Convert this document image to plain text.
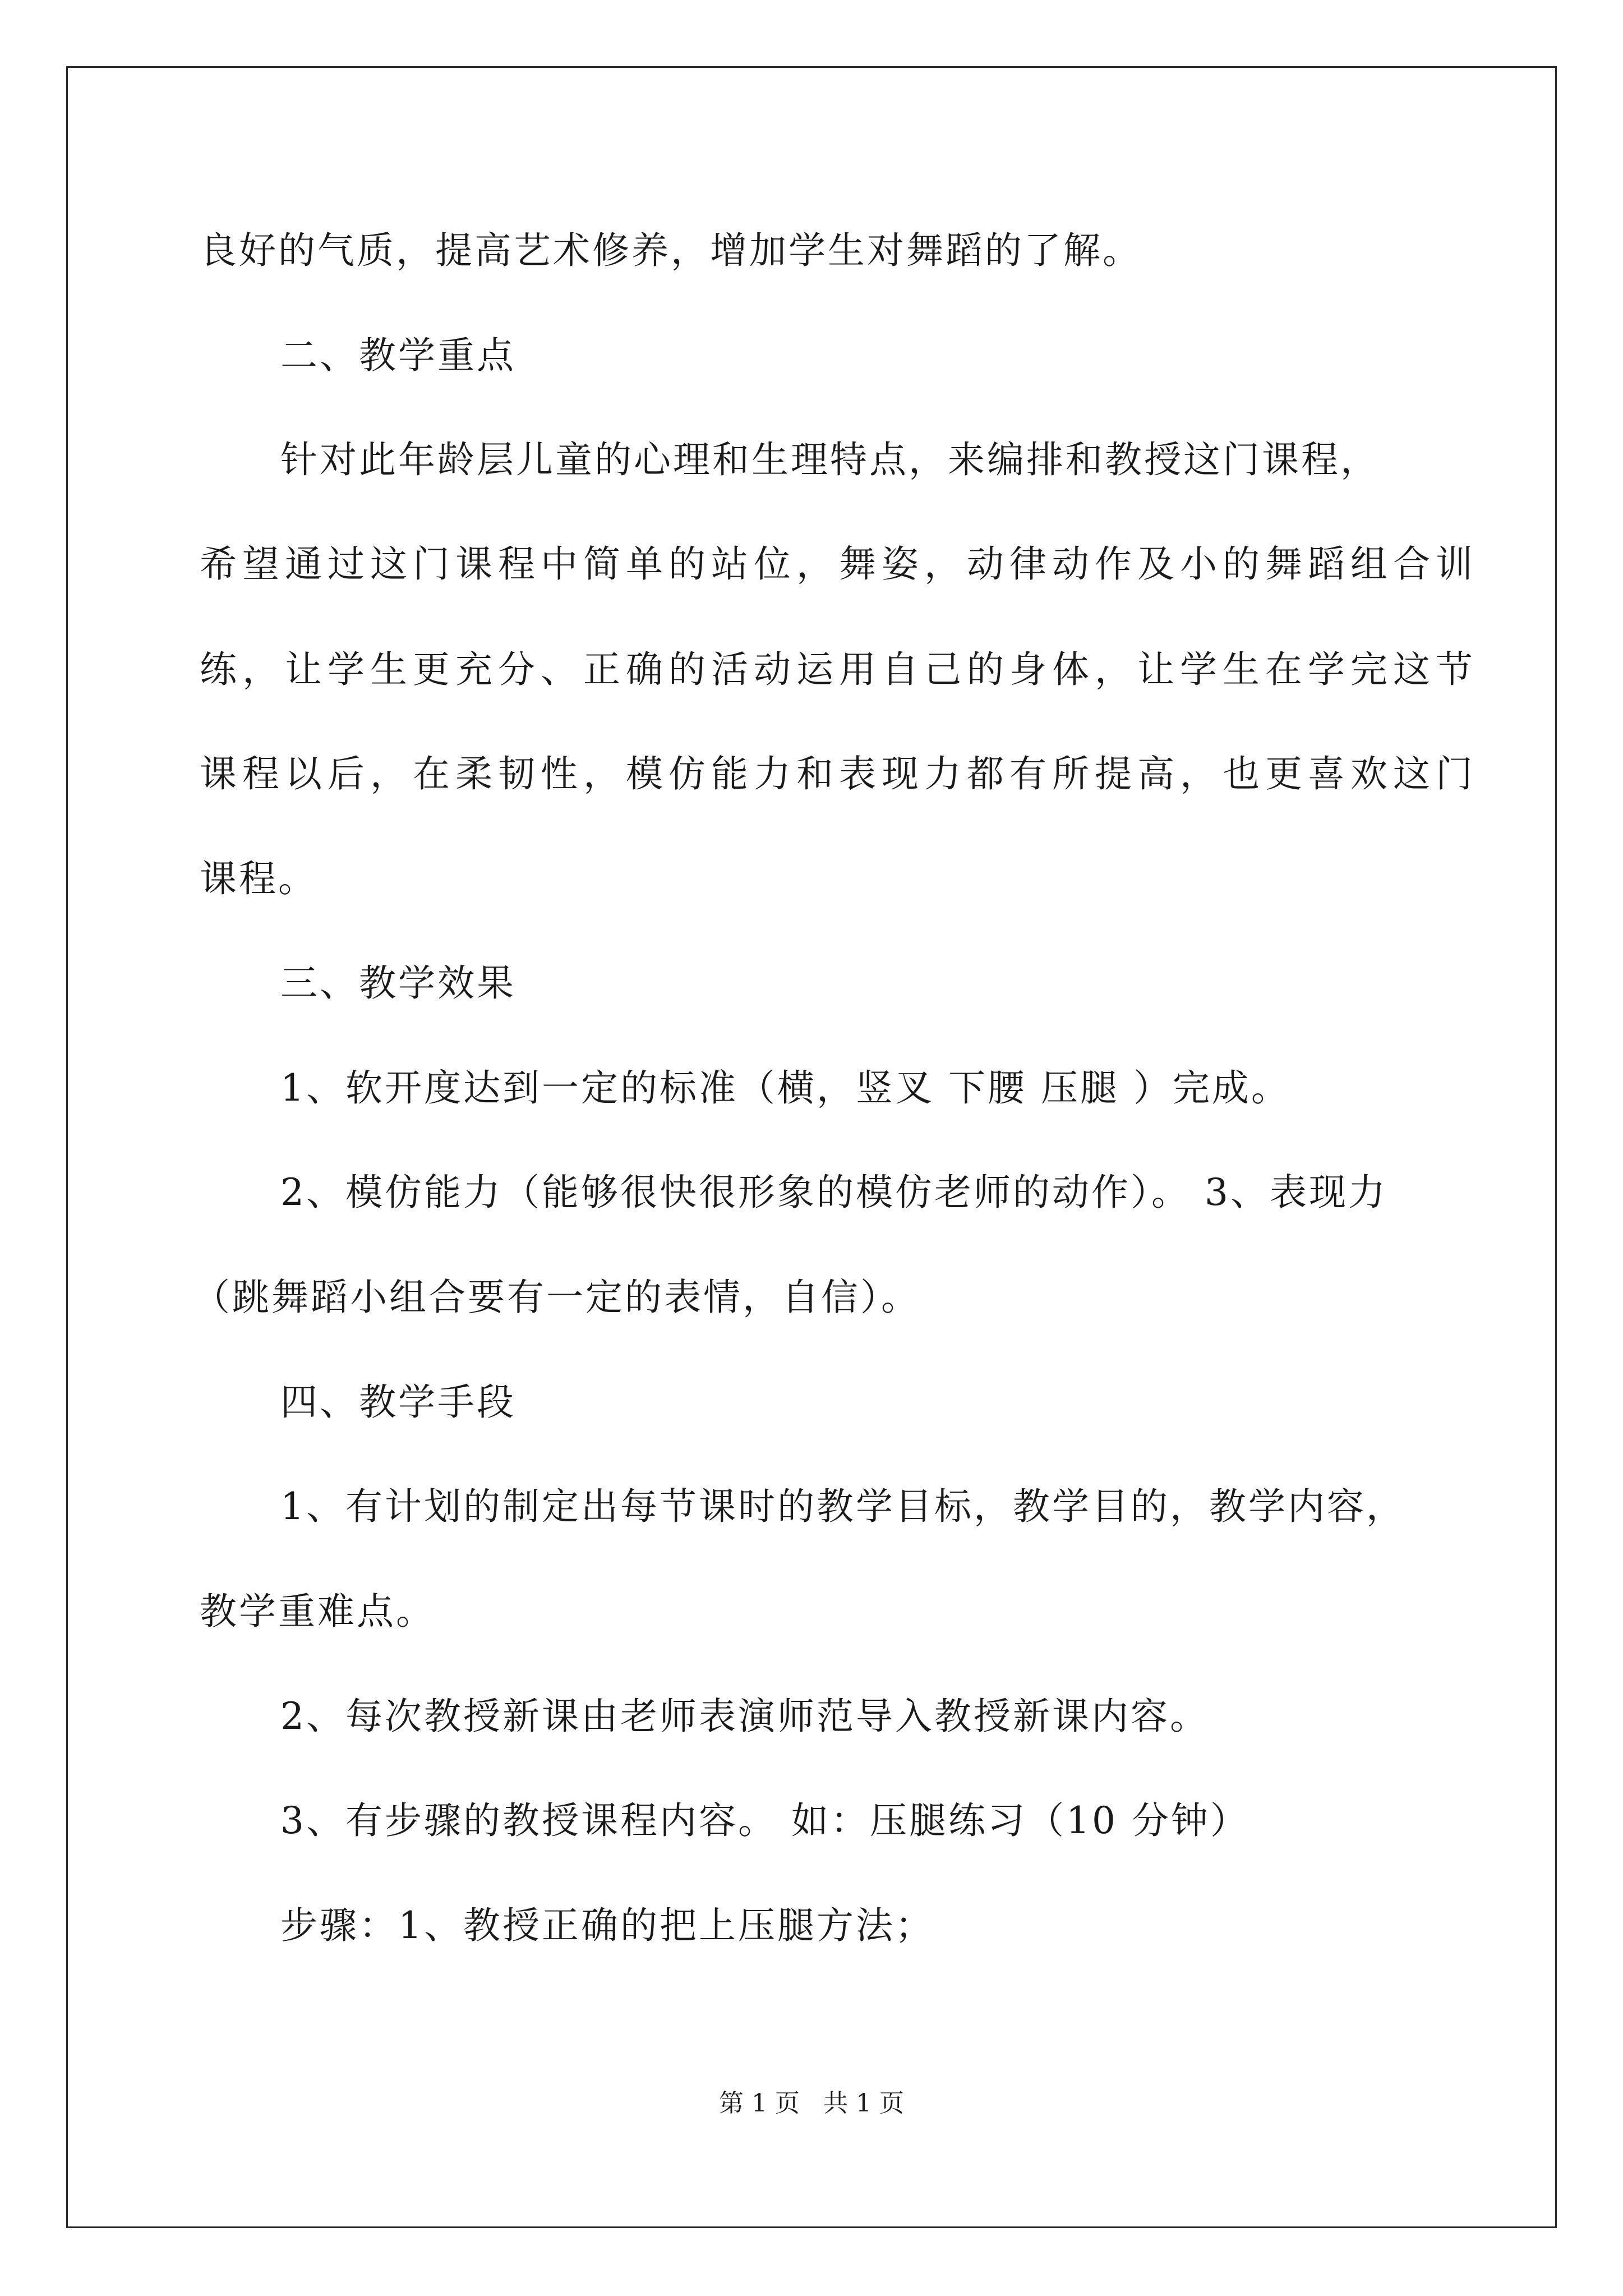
良好的气质，提高艺术修养，增加学生对舞蹈的了解。
二、教学重点
针对此年龄层儿童的心理和生理特点，来编排和教授这门课程，
希望通过这门课程中简单的站位，舞姿，动律动作及小的舞蹈组合训
练，让学生更充分、正确的活动运用自己的身体，让学生在学完这节
课程以后，在柔韧性，模仿能力和表现力都有所提高，也更喜欢这门
课程。
三、教学效果
1、软开度达到一定的标准（横，竖叉 下腰 压腿 ）完成。
2、模仿能力（能够很快很形象的模仿老师的动作）。 3、表现力
（跳舞蹈小组合要有一定的表情，自信）。
四、教学手段
1、有计划的制定出每节课时的教学目标，教学目的，教学内容，
教学重难点。
2、每次教授新课由老师表演师范导入教授新课内容。
3、有步骤的教授课程内容。 如：压腿练习（10 分钟）
步骤：1、教授正确的把上压腿方法；
第 1 页   共 1 页
